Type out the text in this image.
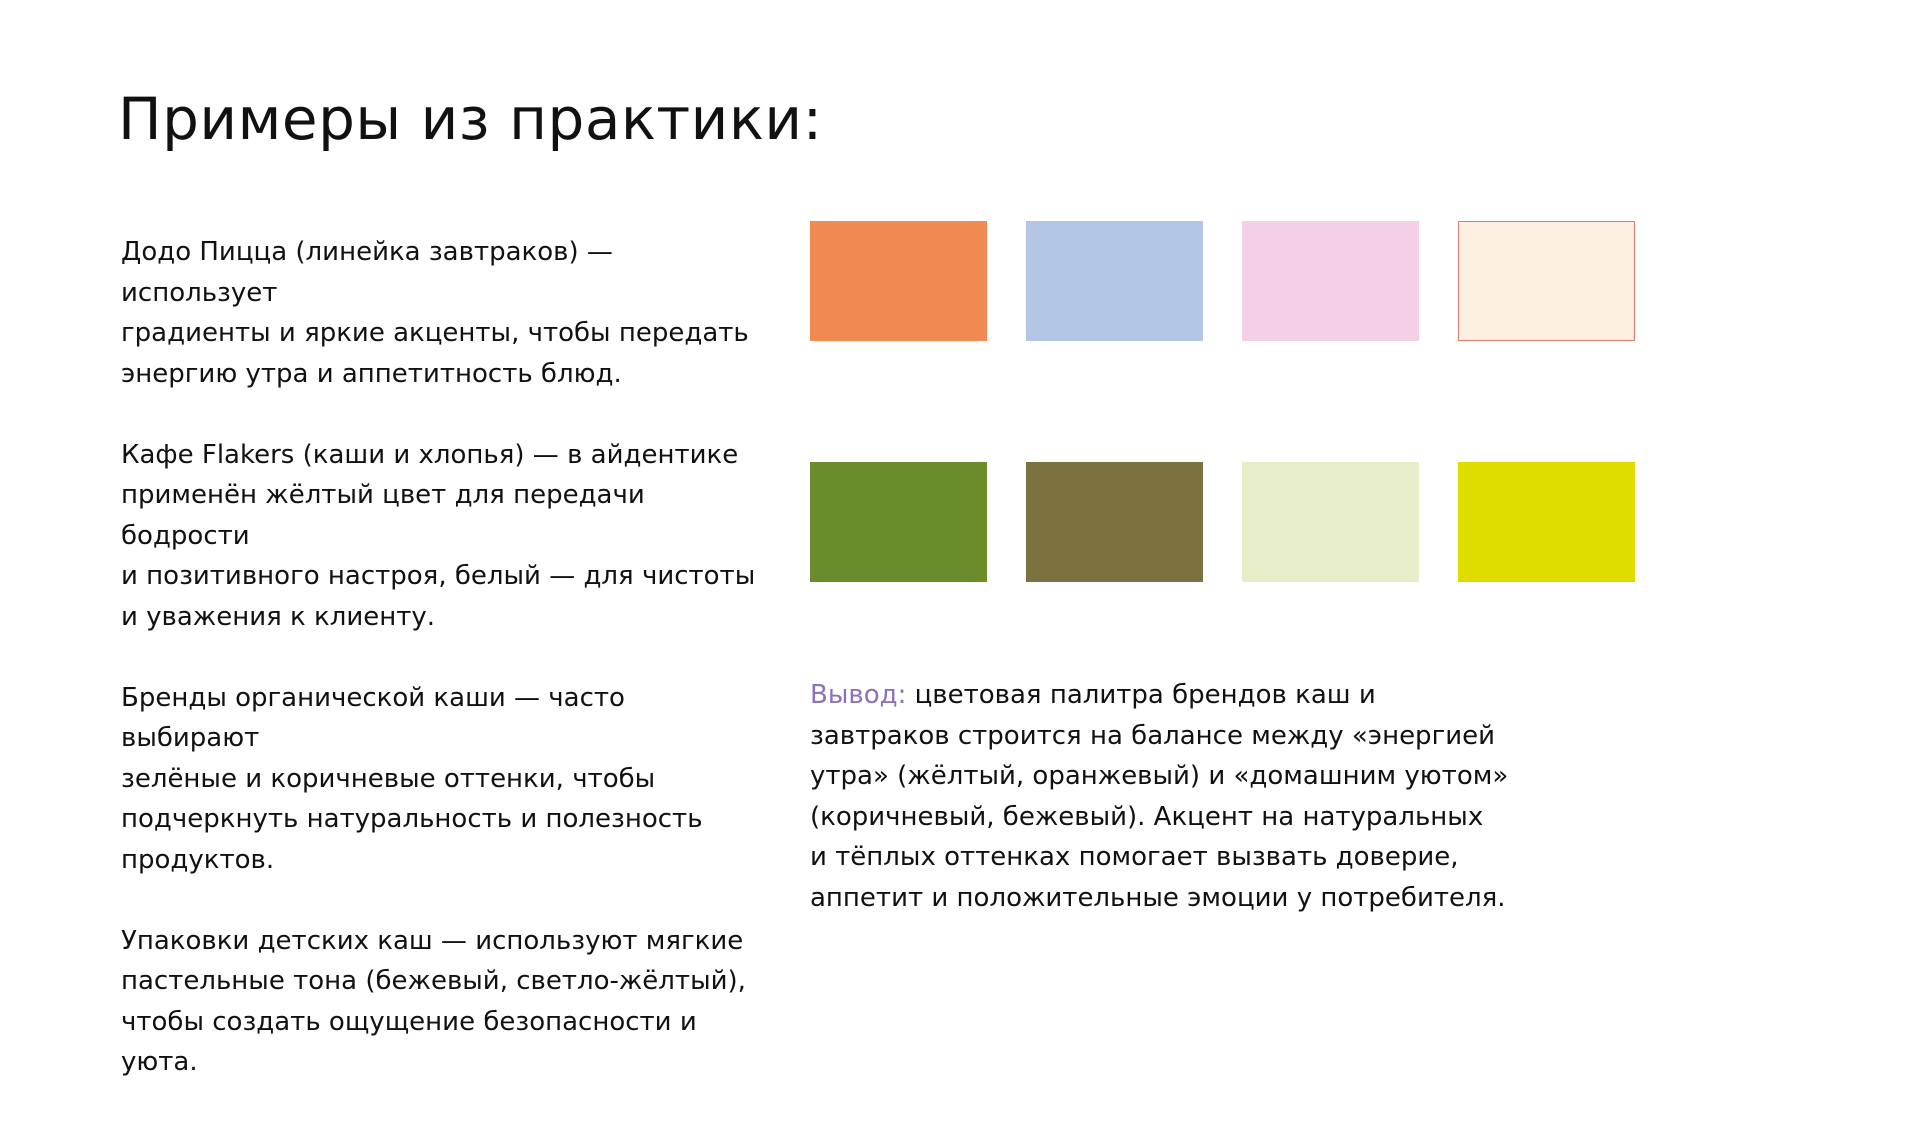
Примеры из практики:

Додо Пицца (линейка завтраков) — использует
градиенты и яркие акценты, чтобы передать
энергию утра и аппетитность блюд.

Кафе Flakers (каши и хлопья) — в айдентике
применён жёлтый цвет для передачи бодрости
и позитивного настроя, белый — для чистоты
и уважения к клиенту.

Бренды органической каши — часто выбирают
зелёные и коричневые оттенки, чтобы
подчеркнуть натуральность и полезность
продуктов.

Упаковки детских каш — используют мягкие
пастельные тона (бежевый, светло-жёлтый),
чтобы создать ощущение безопасности и уюта.

Вывод: цветовая палитра брендов каш и
завтраков строится на балансе между «энергией
утра» (жёлтый, оранжевый) и «домашним уютом»
(коричневый, бежевый). Акцент на натуральных
и тёплых оттенках помогает вызвать доверие,
аппетит и положительные эмоции у потребителя.
